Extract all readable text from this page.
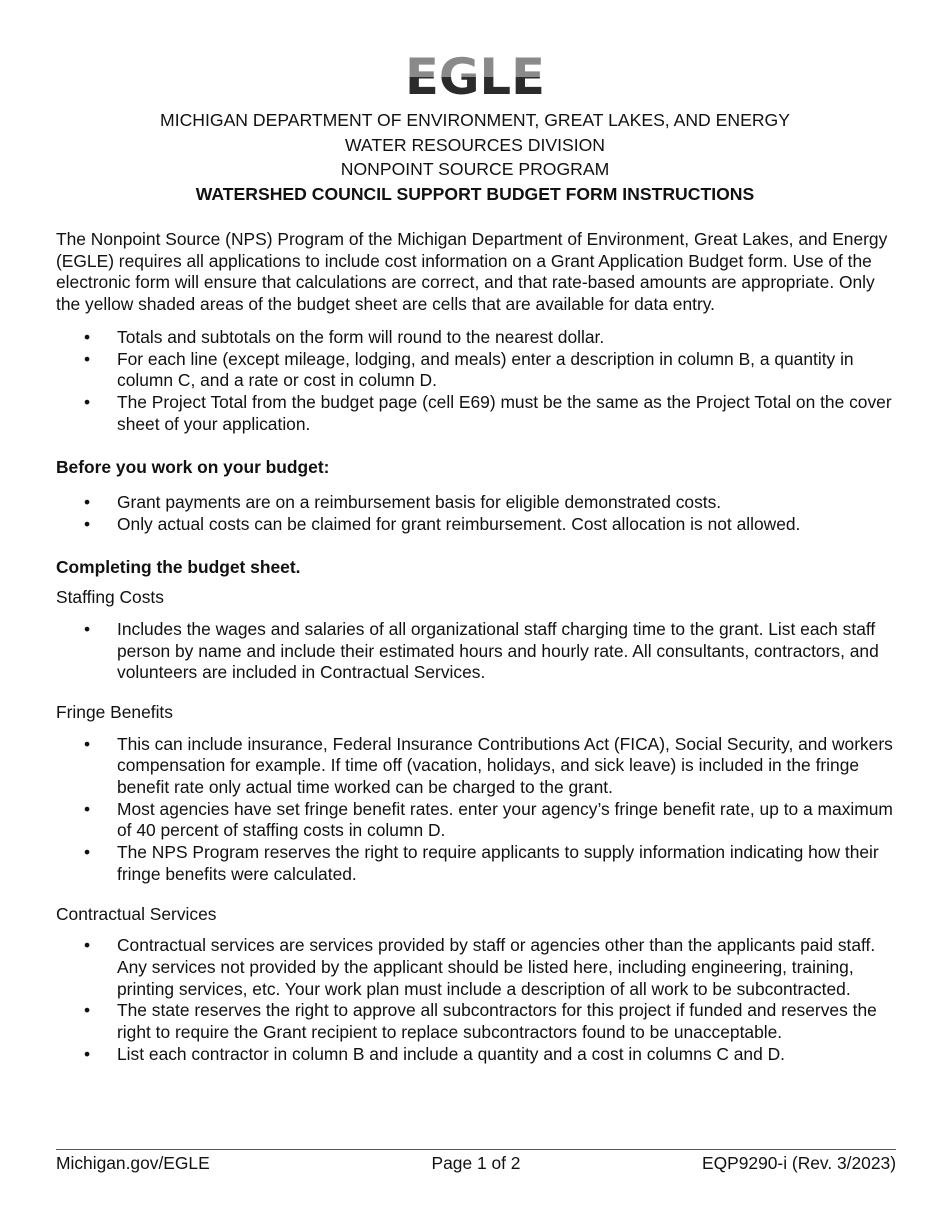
EGLE
MICHIGAN DEPARTMENT OF ENVIRONMENT, GREAT LAKES, AND ENERGY
WATER RESOURCES DIVISION
NONPOINT SOURCE PROGRAM
WATERSHED COUNCIL SUPPORT BUDGET FORM INSTRUCTIONS

The Nonpoint Source (NPS) Program of the Michigan Department of Environment, Great Lakes, and Energy (EGLE) requires all applications to include cost information on a Grant Application Budget form. Use of the electronic form will ensure that calculations are correct, and that rate-based amounts are appropriate. Only the yellow shaded areas of the budget sheet are cells that are available for data entry.

• Totals and subtotals on the form will round to the nearest dollar.
• For each line (except mileage, lodging, and meals) enter a description in column B, a quantity in column C, and a rate or cost in column D.
• The Project Total from the budget page (cell E69) must be the same as the Project Total on the cover sheet of your application.

Before you work on your budget:

• Grant payments are on a reimbursement basis for eligible demonstrated costs.
• Only actual costs can be claimed for grant reimbursement. Cost allocation is not allowed.

Completing the budget sheet.

Staffing Costs

• Includes the wages and salaries of all organizational staff charging time to the grant. List each staff person by name and include their estimated hours and hourly rate. All consultants, contractors, and volunteers are included in Contractual Services.

Fringe Benefits

• This can include insurance, Federal Insurance Contributions Act (FICA), Social Security, and workers compensation for example. If time off (vacation, holidays, and sick leave) is included in the fringe benefit rate only actual time worked can be charged to the grant.
• Most agencies have set fringe benefit rates. enter your agency’s fringe benefit rate, up to a maximum of 40 percent of staffing costs in column D.
• The NPS Program reserves the right to require applicants to supply information indicating how their fringe benefits were calculated.

Contractual Services

• Contractual services are services provided by staff or agencies other than the applicants paid staff. Any services not provided by the applicant should be listed here, including engineering, training, printing services, etc. Your work plan must include a description of all work to be subcontracted.
• The state reserves the right to approve all subcontractors for this project if funded and reserves the right to require the Grant recipient to replace subcontractors found to be unacceptable.
• List each contractor in column B and include a quantity and a cost in columns C and D.
Michigan.gov/EGLE	Page 1 of 2	EQP9290-i (Rev. 3/2023)
